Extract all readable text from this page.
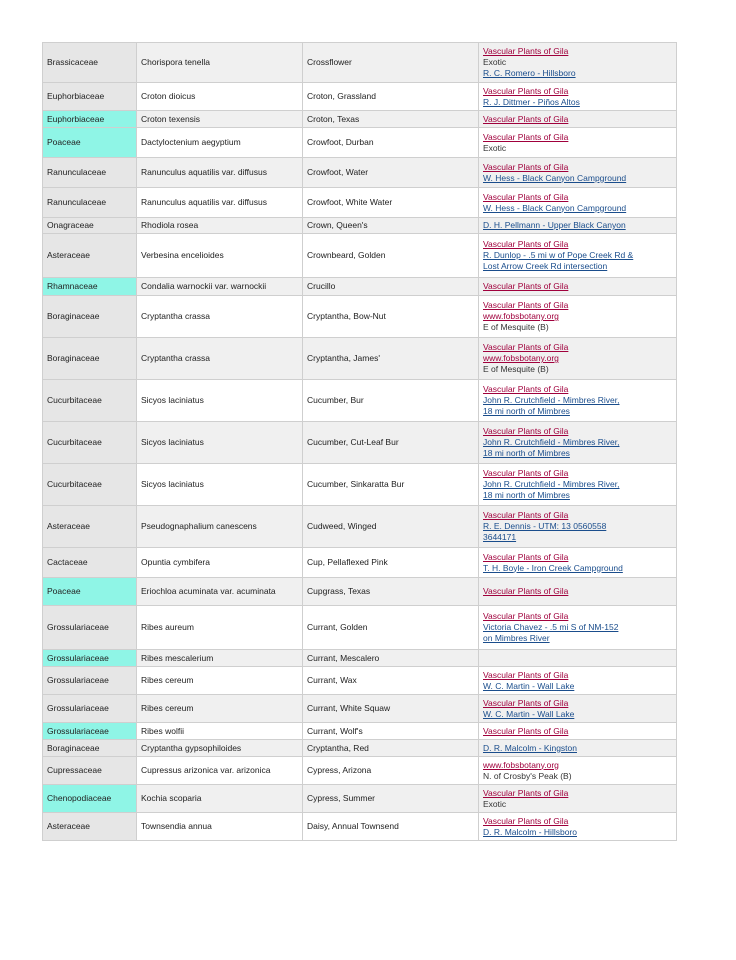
Brassicaceae	Chorispora tenella	Crossflower	Vascular Plants of Gila
Exotic
R. C. Romero - Hillsboro

Euphorbiaceae	Croton dioicus	Croton, Grassland	Vascular Plants of Gila
R. J. Dittmer - Piños Altos

Euphorbiaceae	Croton texensis	Croton, Texas	Vascular Plants of Gila

Poaceae	Dactyloctenium aegyptium	Crowfoot, Durban	Vascular Plants of Gila
Exotic

Ranunculaceae	Ranunculus aquatilis var. diffusus	Crowfoot, Water	Vascular Plants of Gila
W. Hess - Black Canyon Campground

Ranunculaceae	Ranunculus aquatilis var. diffusus	Crowfoot, White Water	Vascular Plants of Gila
W. Hess - Black Canyon Campground

Onagraceae	Rhodiola rosea	Crown, Queen's	D. H. Pellmann - Upper Black Canyon

Asteraceae	Verbesina encelioides	Crownbeard, Golden	Vascular Plants of Gila
R. Dunlop - .5 mi w of Pope Creek Rd &
Lost Arrow Creek Rd intersection

Rhamnaceae	Condalia warnockii var. warnockii	Crucillo	Vascular Plants of Gila

Boraginaceae	Cryptantha crassa	Cryptantha, Bow-Nut	Vascular Plants of Gila
www.fobsbotany.org
E of Mesquite (B)

Boraginaceae	Cryptantha crassa	Cryptantha, James'	Vascular Plants of Gila
www.fobsbotany.org
E of Mesquite (B)

Cucurbitaceae	Sicyos laciniatus	Cucumber, Bur	Vascular Plants of Gila
John R. Crutchfield - Mimbres River,
18 mi north of Mimbres

Cucurbitaceae	Sicyos laciniatus	Cucumber, Cut-Leaf Bur	Vascular Plants of Gila
John R. Crutchfield - Mimbres River,
18 mi north of Mimbres

Cucurbitaceae	Sicyos laciniatus	Cucumber, Sinkaratta Bur	Vascular Plants of Gila
John R. Crutchfield - Mimbres River,
18 mi north of Mimbres

Asteraceae	Pseudognaphalium canescens	Cudweed, Winged	Vascular Plants of Gila
R. E. Dennis - UTM: 13 0560558
3644171

Cactaceae	Opuntia cymbifera	Cup, Pellaflexed Pink	Vascular Plants of Gila
T. H. Boyle - Iron Creek Campground

Poaceae	Eriochloa acuminata var. acuminata	Cupgrass, Texas	Vascular Plants of Gila

Grossulariaceae	Ribes aureum	Currant, Golden	Vascular Plants of Gila
Victoria Chavez - .5 mi S of NM-152
on Mimbres River

Grossulariaceae	Ribes mescalerium	Currant, Mescalero	
Grossulariaceae	Ribes cereum	Currant, Wax	Vascular Plants of Gila
W. C. Martin - Wall Lake

Grossulariaceae	Ribes cereum	Currant, White Squaw	Vascular Plants of Gila
W. C. Martin - Wall Lake

Grossulariaceae	Ribes wolfii	Currant, Wolf's	Vascular Plants of Gila

Boraginaceae	Cryptantha gypsophiloides	Cryptantha, Red	D. R. Malcolm - Kingston

Cupressaceae	Cupressus arizonica var. arizonica	Cypress, Arizona	www.fobsbotany.org
N. of Crosby's Peak (B)

Chenopodiaceae	Kochia scoparia	Cypress, Summer	Vascular Plants of Gila
Exotic

Asteraceae	Townsendia annua	Daisy, Annual Townsend	Vascular Plants of Gila
D. R. Malcolm - Hillsboro
